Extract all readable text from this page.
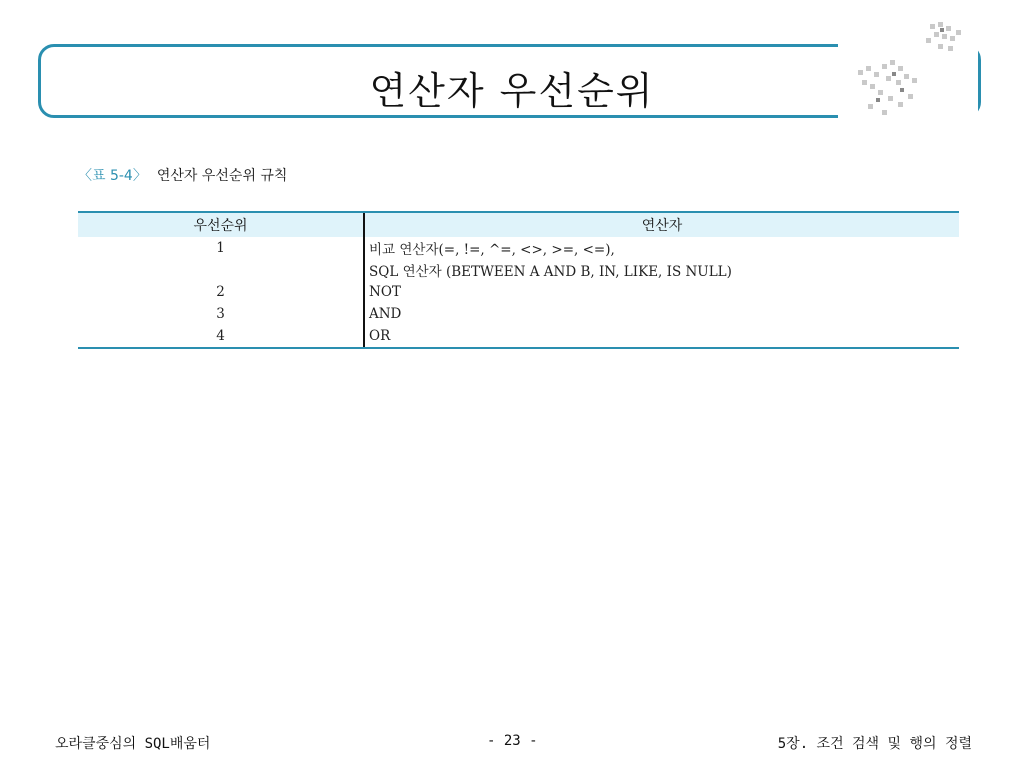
연산자 우선순위
〈표 5-4〉 연산자 우선순위 규칙
우선순위	연산자
1	비교 연산자(=, !=, ^=, <>, >=, <=),
	SQL 연산자 (BETWEEN A AND B, IN, LIKE, IS NULL)
2	NOT
3	AND
4	OR
오라클중심의 SQL배움터	- 23 -	5장. 조건 검색 및 행의 정렬
